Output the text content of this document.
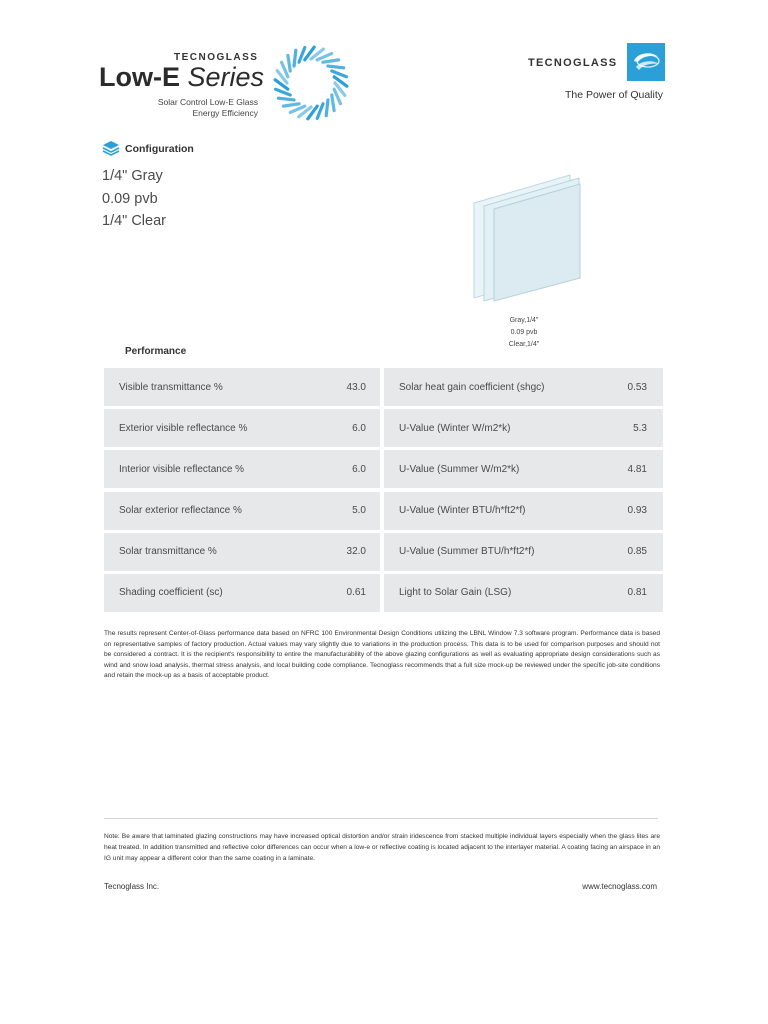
TECNOGLASS
Low-E Series
Solar Control Low-E Glass
Energy Efficiency
TECNOGLASS
The Power of Quality
Configuration
1/4" Gray
0.09 pvb
1/4" Clear
Gray,1/4"
0.09 pvb
Clear,1/4"
Performance
Visible transmittance %	43.0	Solar heat gain coefficient (shgc)	0.53
Exterior visible reflectance %	6.0	U-Value (Winter W/m2*k)	5.3
Interior visible reflectance %	6.0	U-Value (Summer W/m2*k)	4.81
Solar exterior reflectance %	5.0	U-Value (Winter BTU/h*ft2*f)	0.93
Solar transmittance %	32.0	U-Value (Summer BTU/h*ft2*f)	0.85
Shading coefficient (sc)	0.61	Light to Solar Gain (LSG)	0.81
The results represent Center-of-Glass performance data based on NFRC 100 Environmental Design Conditions utilizing the LBNL Window 7.3 software program. Performance data is based on representative samples of factory production. Actual values may vary slightly due to variations in the production process. This data is to be used for comparison purposes and should not be considered a contract. It is the recipient's responsibility to entire the manufacturability of the above glazing configurations as well as evaluating appropriate design considerations such as wind and snow load analysis, thermal stress analysis, and local building code compliance. Tecnoglass recommends that a full size mock-up be reviewed under the specific job-site conditions and retain the mock-up as a basis of acceptable product.
Note: Be aware that laminated glazing constructions may have increased optical distortion and/or strain iridescence from stacked multiple individual layers especially when the glass lites are heat treated. In addition transmitted and reflective color differences can occur when a low-e or reflective coating is located adjacent to the interlayer material. A coating facing an airspace in an IG unit may appear a different color than the same coating in a laminate.
Tecnoglass Inc.	www.tecnoglass.com
